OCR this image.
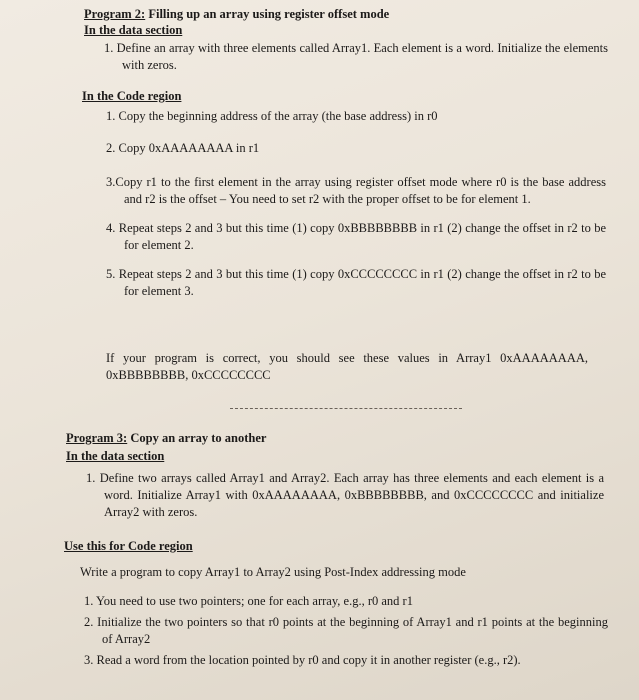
Program 2: Filling up an array using register offset mode
In the data section
1. Define an array with three elements called Array1. Each element is a word. Initialize the elements with zeros.
In the Code region
1. Copy the beginning address of the array (the base address) in r0
2. Copy 0xAAAAAAAA in r1
3.Copy r1 to the first element in the array using register offset mode where r0 is the base address and r2 is the offset – You need to set r2 with the proper offset to be for element 1.
4. Repeat steps 2 and 3 but this time (1) copy 0xBBBBBBBB in r1 (2) change the offset in r2 to be for element 2.
5. Repeat steps 2 and 3 but this time (1) copy 0xCCCCCCCC in r1 (2) change the offset in r2 to be for element 3.
If your program is correct, you should see these values in Array1 0xAAAAAAAA, 0xBBBBBBBB, 0xCCCCCCCC
Program 3: Copy an array to another
In the data section
1. Define two arrays called Array1 and Array2. Each array has three elements and each element is a word. Initialize Array1 with 0xAAAAAAAA, 0xBBBBBBBB, and 0xCCCCCCCC and initialize Array2 with zeros.
Use this for Code region
Write a program to copy Array1 to Array2 using Post-Index addressing mode
1. You need to use two pointers; one for each array, e.g., r0 and r1
2. Initialize the two pointers so that r0 points at the beginning of Array1 and r1 points at the beginning of Array2
3. Read a word from the location pointed by r0 and copy it in another register (e.g., r2).
